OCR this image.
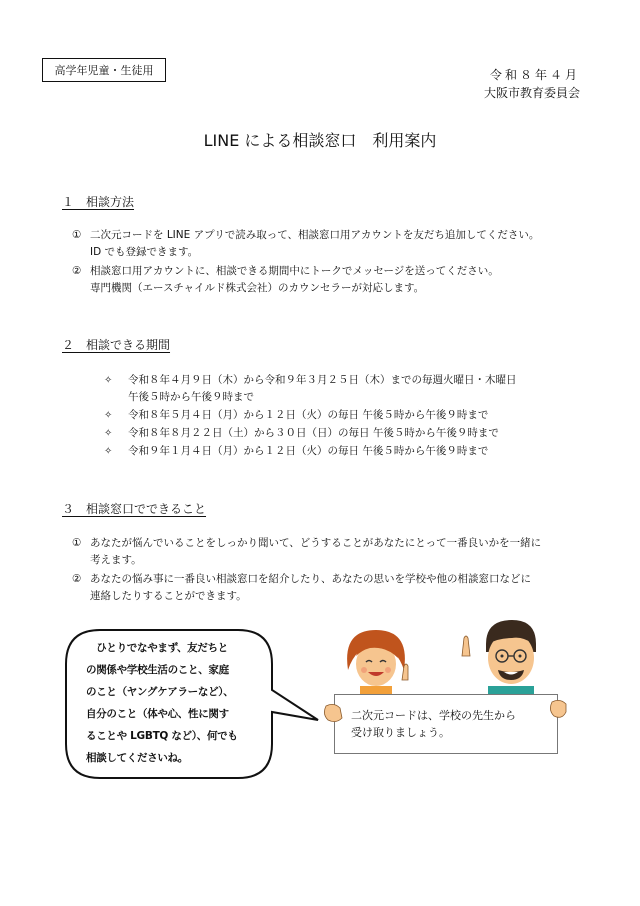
高学年児童・生徒用	令和８年４月
大阪市教育委員会
LINE による相談窓口　利用案内
１　相談方法
① 二次元コードを LINE アプリで読み取って、相談窓口用アカウントを友だち追加してください。
ID でも登録できます。
② 相談窓口用アカウントに、相談できる期間中にトークでメッセージを送ってください。
専門機関（エースチャイルド株式会社）のカウンセラーが対応します。
２　相談できる期間
✧ 令和８年４月９日（木）から令和９年３月２５日（木）までの毎週火曜日・木曜日
午後５時から午後９時まで
✧ 令和８年５月４日（月）から１２日（火）の毎日 午後５時から午後９時まで
✧ 令和８年８月２２日（土）から３０日（日）の毎日 午後５時から午後９時まで
✧ 令和９年１月４日（月）から１２日（火）の毎日 午後５時から午後９時まで
３　相談窓口でできること
① あなたが悩んでいることをしっかり聞いて、どうすることがあなたにとって一番良いかを一緒に
考えます。
② あなたの悩み事に一番良い相談窓口を紹介したり、あなたの思いを学校や他の相談窓口などに
連絡したりすることができます。
　ひとりでなやまず、友だちと
の関係や学校生活のこと、家庭
のこと（ヤングケアラーなど）、
自分のこと（体や心、性に関す
ることや LGBTQ など）、何でも
相談してくださいね。
二次元コードは、学校の先生から
受け取りましょう。
